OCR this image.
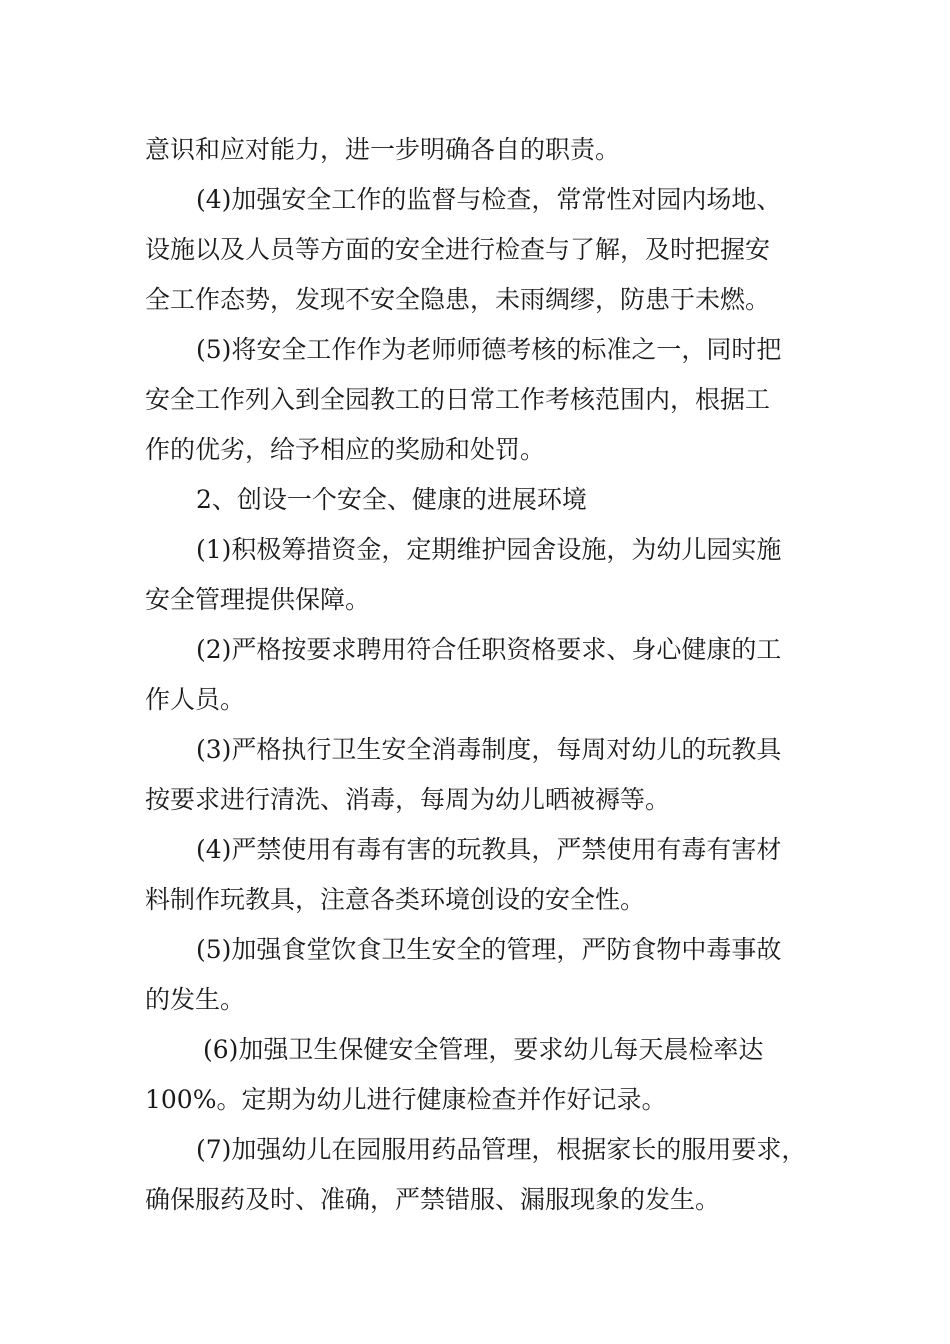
意识和应对能力，进一步明确各自的职责。
(4)加强安全工作的监督与检查，常常性对园内场地、
设施以及人员等方面的安全进行检查与了解，及时把握安
全工作态势，发现不安全隐患，未雨绸缪，防患于未燃。
(5)将安全工作作为老师师德考核的标准之一，同时把
安全工作列入到全园教工的日常工作考核范围内，根据工
作的优劣，给予相应的奖励和处罚。
2、创设一个安全、健康的进展环境
(1)积极筹措资金，定期维护园舍设施，为幼儿园实施
安全管理提供保障。
(2)严格按要求聘用符合任职资格要求、身心健康的工
作人员。
(3)严格执行卫生安全消毒制度，每周对幼儿的玩教具
按要求进行清洗、消毒，每周为幼儿晒被褥等。
(4)严禁使用有毒有害的玩教具，严禁使用有毒有害材
料制作玩教具，注意各类环境创设的安全性。
(5)加强食堂饮食卫生安全的管理，严防食物中毒事故
的发生。
(6)加强卫生保健安全管理，要求幼儿每天晨检率达
100%。定期为幼儿进行健康检查并作好记录。
(7)加强幼儿在园服用药品管理，根据家长的服用要求，
确保服药及时、准确，严禁错服、漏服现象的发生。
